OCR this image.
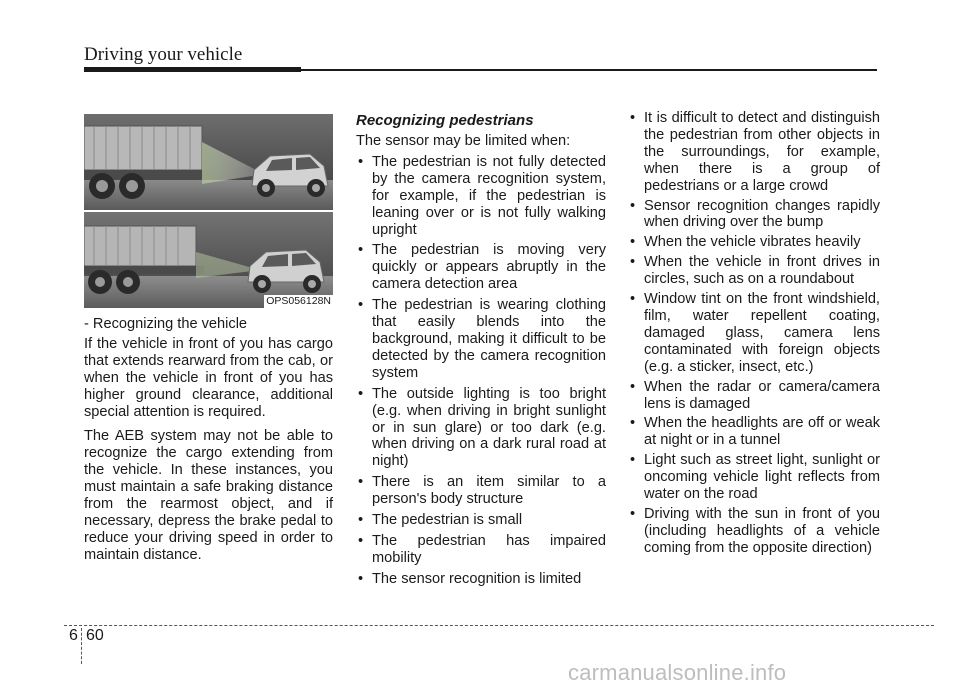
Driving your vehicle
OPS056128N

- Recognizing the vehicle

If the vehicle in front of you has cargo that extends rearward from the cab, or when the vehicle in front of you has higher ground clearance, additional special attention is required.

The AEB system may not be able to recognize the cargo extending from the vehicle. In these instances, you must maintain a safe braking distance from the rearmost object, and if necessary, depress the brake pedal to reduce your driving speed in order to maintain distance.

Recognizing pedestrians

The sensor may be limited when:

• The pedestrian is not fully detected by the camera recognition system, for example, if the pedestrian is leaning over or is not fully walking upright
• The pedestrian is moving very quickly or appears abruptly in the camera detection area
• The pedestrian is wearing clothing that easily blends into the background, making it difficult to be detected by the camera recognition system
• The outside lighting is too bright (e.g. when driving in bright sunlight or in sun glare) or too dark (e.g. when driving on a dark rural road at night)
• There is an item similar to a person's body structure
• The pedestrian is small
• The pedestrian has impaired mobility
• The sensor recognition is limited
• It is difficult to detect and distinguish the pedestrian from other objects in the surroundings, for example, when there is a group of pedestrians or a large crowd
• Sensor recognition changes rapidly when driving over the bump
• When the vehicle vibrates heavily
• When the vehicle in front drives in circles, such as on a roundabout
• Window tint on the front windshield, film, water repellent coating, damaged glass, camera lens contaminated with foreign objects (e.g. a sticker, insect, etc.)
• When the radar or camera/camera lens is damaged
• When the headlights are off or weak at night or in a tunnel
• Light such as street light, sunlight or oncoming vehicle light reflects from water on the road
• Driving with the sun in front of you (including headlights of a vehicle coming from the opposite direction)
6 60
carmanualsonline.info
